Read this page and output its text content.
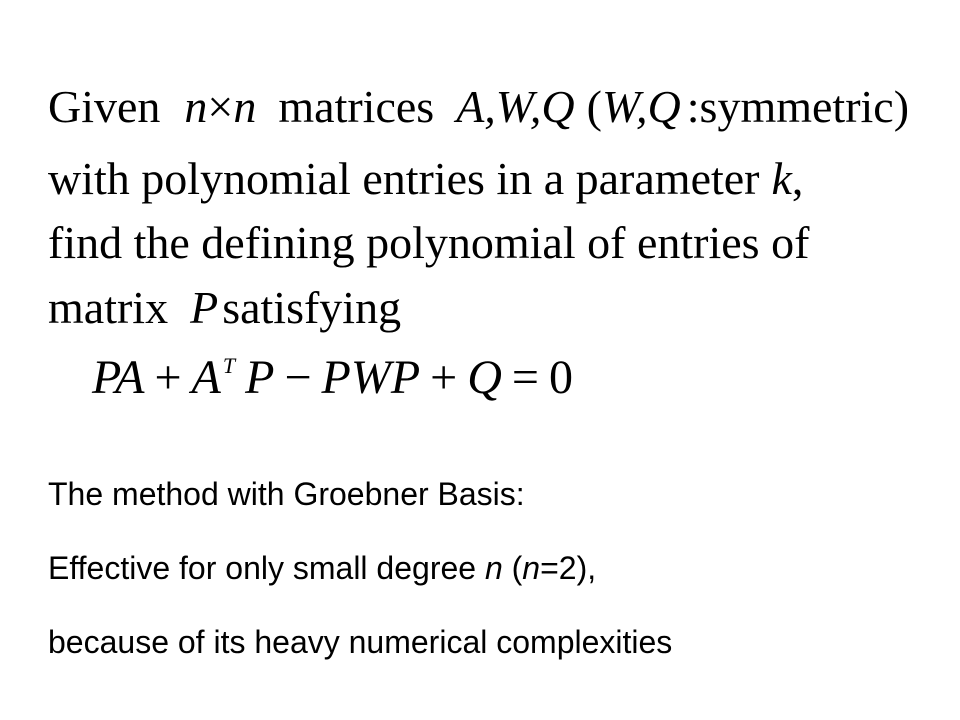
Given n×n matrices A,W,Q (W,Q :symmetric)
with polynomial entries in a parameter k,
find the defining polynomial of entries of
matrix Psatisfying
PA + $A^T$ P − PWP + Q = 0
The method with Groebner Basis:
Effective for only small degree n (n=2),
because of its heavy numerical complexities
